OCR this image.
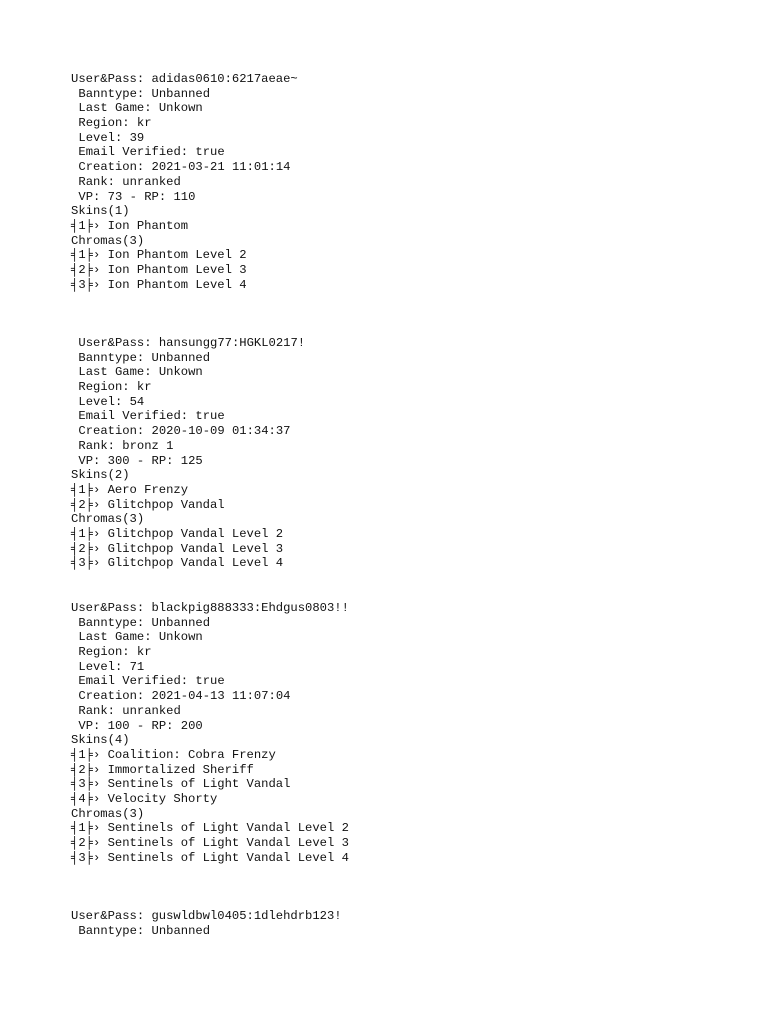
User&Pass: adidas0610:6217aeae~
Banntype: Unbanned
Last Game: Unkown
Region: kr
Level: 39
Email Verified: true
Creation: 2021-03-21 11:01:14
Rank: unranked
VP: 73 - RP: 110
Skins(1)
╡1╞› Ion Phantom
Chromas(3)
╡1╞› Ion Phantom Level 2
╡2╞› Ion Phantom Level 3
╡3╞› Ion Phantom Level 4
User&Pass: hansungg77:HGKL0217!
Banntype: Unbanned
Last Game: Unkown
Region: kr
Level: 54
Email Verified: true
Creation: 2020-10-09 01:34:37
Rank: bronz 1
VP: 300 - RP: 125
Skins(2)
╡1╞› Aero Frenzy
╡2╞› Glitchpop Vandal
Chromas(3)
╡1╞› Glitchpop Vandal Level 2
╡2╞› Glitchpop Vandal Level 3
╡3╞› Glitchpop Vandal Level 4
User&Pass: blackpig888333:Ehdgus0803!!
Banntype: Unbanned
Last Game: Unkown
Region: kr
Level: 71
Email Verified: true
Creation: 2021-04-13 11:07:04
Rank: unranked
VP: 100 - RP: 200
Skins(4)
╡1╞› Coalition: Cobra Frenzy
╡2╞› Immortalized Sheriff
╡3╞› Sentinels of Light Vandal
╡4╞› Velocity Shorty
Chromas(3)
╡1╞› Sentinels of Light Vandal Level 2
╡2╞› Sentinels of Light Vandal Level 3
╡3╞› Sentinels of Light Vandal Level 4
User&Pass: guswldbwl0405:1dlehdrb123!
Banntype: Unbanned
